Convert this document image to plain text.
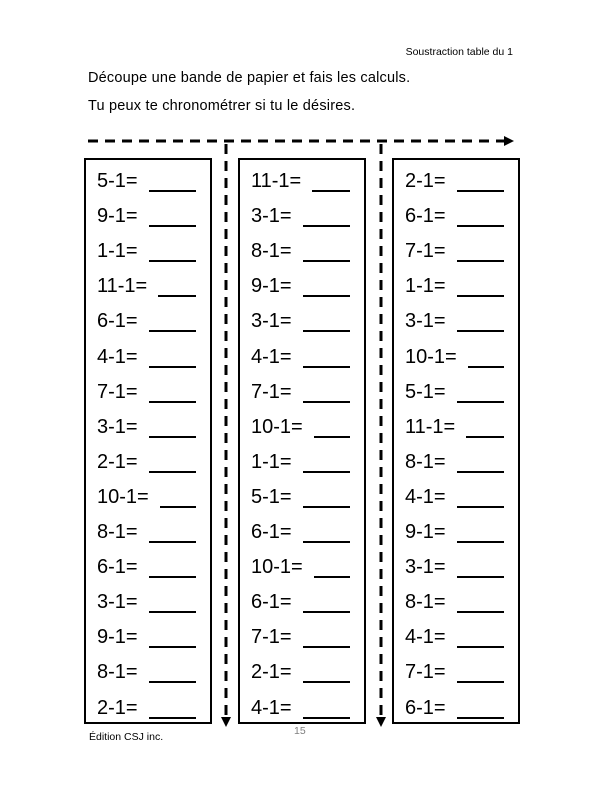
Soustraction table du 1
Découpe une bande de papier et fais les calculs.
Tu peux te chronométrer si tu le désires.
5-1=
9-1=
1-1=
11-1=
6-1=
4-1=
7-1=
3-1=
2-1=
10-1=
8-1=
6-1=
3-1=
9-1=
8-1=
2-1=
11-1=
3-1=
8-1=
9-1=
3-1=
4-1=
7-1=
10-1=
1-1=
5-1=
6-1=
10-1=
6-1=
7-1=
2-1=
4-1=
2-1=
6-1=
7-1=
1-1=
3-1=
10-1=
5-1=
11-1=
8-1=
4-1=
9-1=
3-1=
8-1=
4-1=
7-1=
6-1=
Édition CSJ inc.	15
